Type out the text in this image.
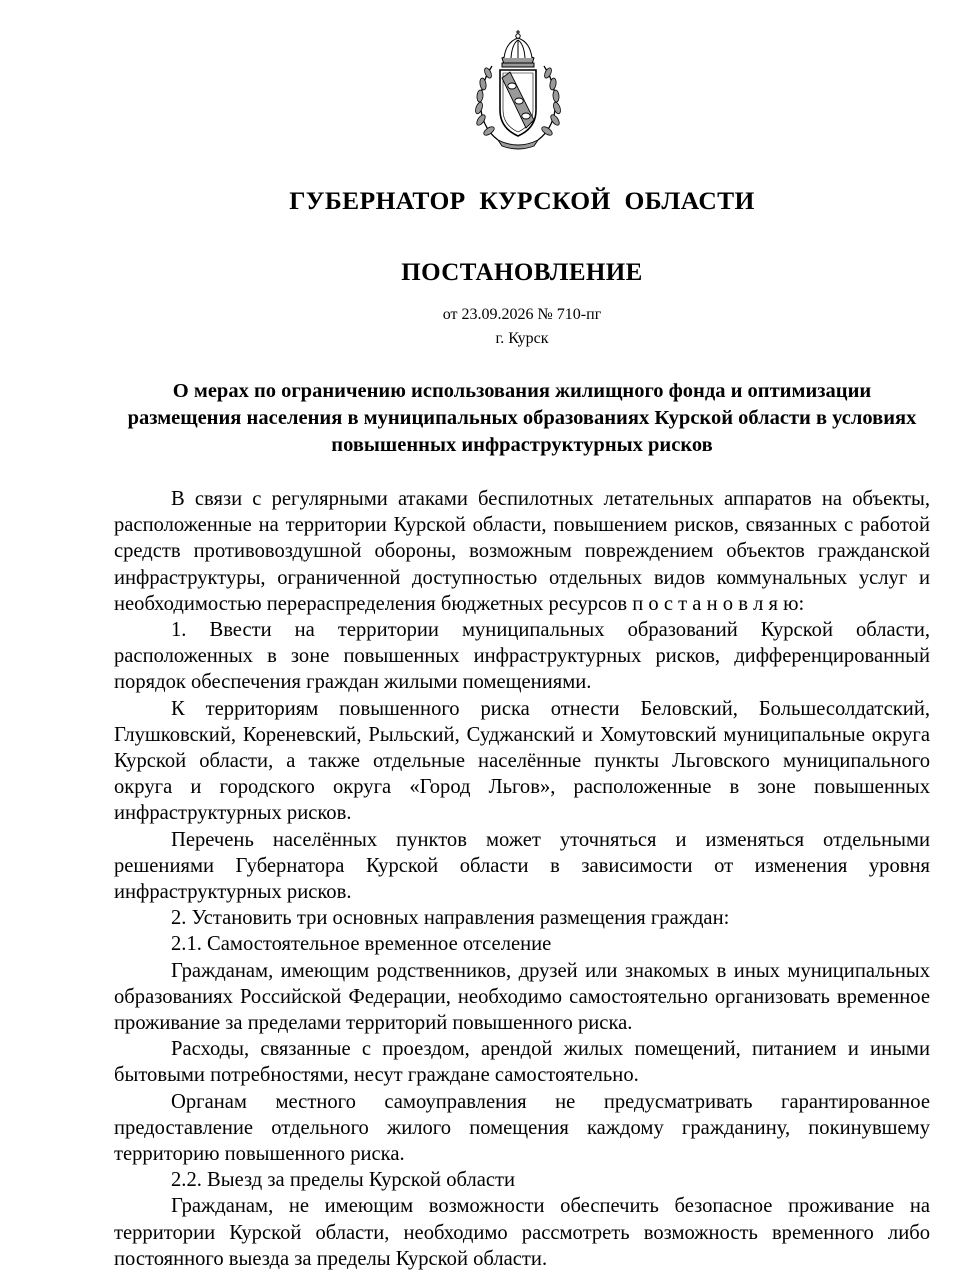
ГУБЕРНАТОР КУРСКОЙ ОБЛАСТИ
ПОСТАНОВЛЕНИЕ
от 23.09.2026 № 710-пг
г. Курск
О мерах по ограничению использования жилищного фонда и оптимизации размещения населения в муниципальных образованиях Курской области в условиях повышенных инфраструктурных рисков

В связи с регулярными атаками беспилотных летательных аппаратов на объекты, расположенные на территории Курской области, повышением рисков, связанных с работой средств противовоздушной обороны, возможным повреждением объектов гражданской инфраструктуры, ограниченной доступностью отдельных видов коммунальных услуг и необходимостью перераспределения бюджетных ресурсов п о с т а н о в л я ю:

1. Ввести на территории муниципальных образований Курской области, расположенных в зоне повышенных инфраструктурных рисков, дифференцированный порядок обеспечения граждан жилыми помещениями.

К территориям повышенного риска отнести Беловский, Большесолдатский, Глушковский, Кореневский, Рыльский, Суджанский и Хомутовский муниципальные округа Курской области, а также отдельные населённые пункты Льговского муниципального округа и городского округа «Город Льгов», расположенные в зоне повышенных инфраструктурных рисков.

Перечень населённых пунктов может уточняться и изменяться отдельными решениями Губернатора Курской области в зависимости от изменения уровня инфраструктурных рисков.

2. Установить три основных направления размещения граждан:

2.1. Самостоятельное временное отселение

Гражданам, имеющим родственников, друзей или знакомых в иных муниципальных образованиях Российской Федерации, необходимо самостоятельно организовать временное проживание за пределами территорий повышенного риска.

Расходы, связанные с проездом, арендой жилых помещений, питанием и иными бытовыми потребностями, несут граждане самостоятельно.

Органам местного самоуправления не предусматривать гарантированное предоставление отдельного жилого помещения каждому гражданину, покинувшему территорию повышенного риска.

2.2. Выезд за пределы Курской области

Гражданам, не имеющим возможности обеспечить безопасное проживание на территории Курской области, необходимо рассмотреть возможность временного либо постоянного выезда за пределы Курской области.
